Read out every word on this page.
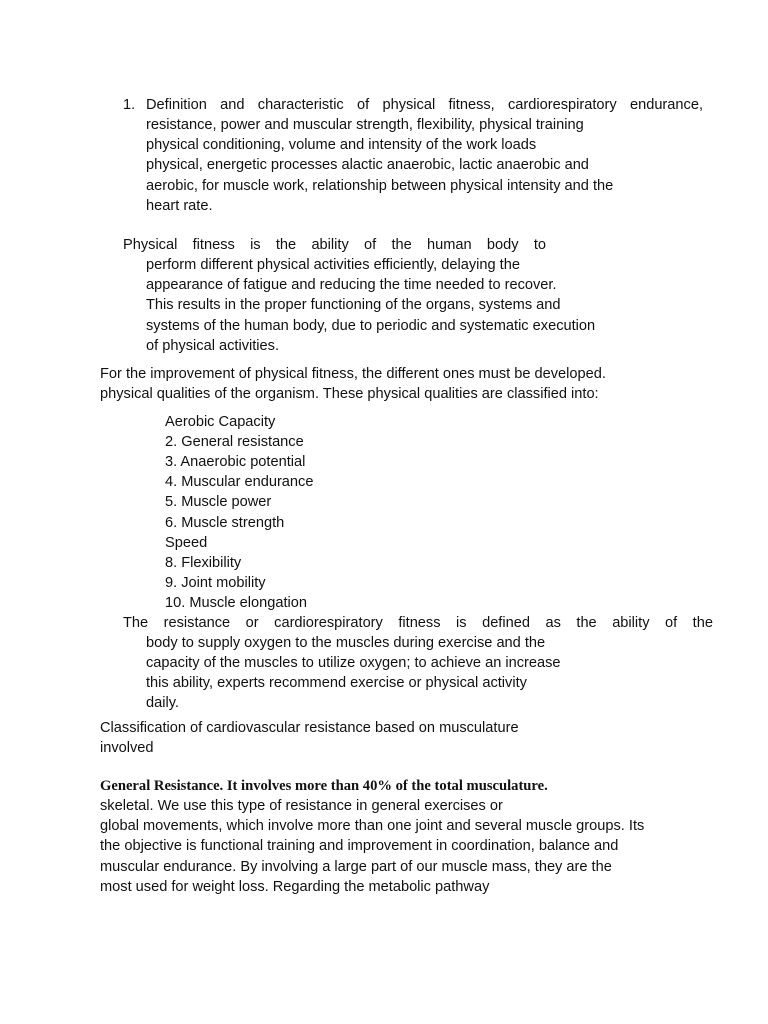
1. Definition and characteristic of physical fitness, cardiorespiratory endurance,
resistance, power and muscular strength, flexibility, physical training
physical conditioning, volume and intensity of the work loads
physical, energetic processes alactic anaerobic, lactic anaerobic and
aerobic, for muscle work, relationship between physical intensity and the
heart rate.
Physical fitness is the ability of the human body to
perform different physical activities efficiently, delaying the
appearance of fatigue and reducing the time needed to recover.
This results in the proper functioning of the organs, systems and
systems of the human body, due to periodic and systematic execution
of physical activities.
For the improvement of physical fitness, the different ones must be developed.
physical qualities of the organism. These physical qualities are classified into:
Aerobic Capacity
2. General resistance
3. Anaerobic potential
4. Muscular endurance
5. Muscle power
6. Muscle strength
Speed
8. Flexibility
9. Joint mobility
10. Muscle elongation
The resistance or cardiorespiratory fitness is defined as the ability of the
body to supply oxygen to the muscles during exercise and the
capacity of the muscles to utilize oxygen; to achieve an increase
this ability, experts recommend exercise or physical activity
daily.
Classification of cardiovascular resistance based on musculature
involved
General Resistance. It involves more than 40% of the total musculature.
skeletal. We use this type of resistance in general exercises or
global movements, which involve more than one joint and several muscle groups. Its
the objective is functional training and improvement in coordination, balance and
muscular endurance. By involving a large part of our muscle mass, they are the
most used for weight loss. Regarding the metabolic pathway
